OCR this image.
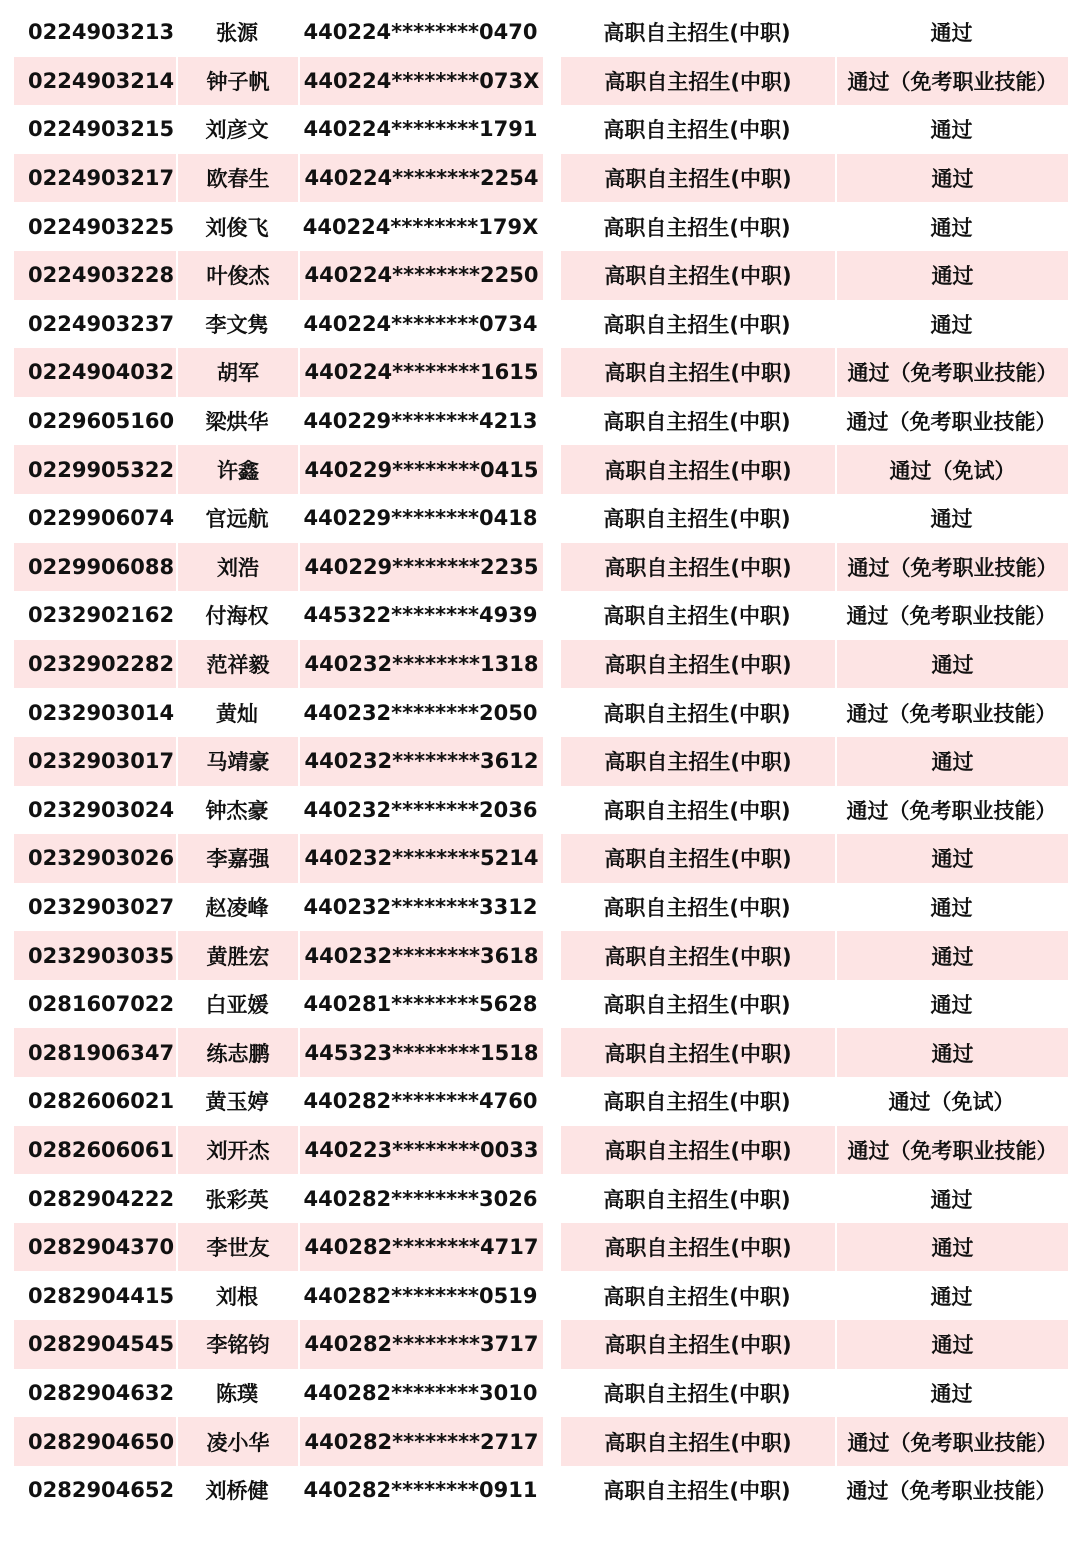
0224903213	张源	440224********0470		高职自主招生(中职)	通过
0224903214	钟子帆	440224********073X		高职自主招生(中职)	通过（免考职业技能）
0224903215	刘彦文	440224********1791		高职自主招生(中职)	通过
0224903217	欧春生	440224********2254		高职自主招生(中职)	通过
0224903225	刘俊飞	440224********179X		高职自主招生(中职)	通过
0224903228	叶俊杰	440224********2250		高职自主招生(中职)	通过
0224903237	李文隽	440224********0734		高职自主招生(中职)	通过
0224904032	胡军	440224********1615		高职自主招生(中职)	通过（免考职业技能）
0229605160	梁烘华	440229********4213		高职自主招生(中职)	通过（免考职业技能）
0229905322	许鑫	440229********0415		高职自主招生(中职)	通过（免试）
0229906074	官远航	440229********0418		高职自主招生(中职)	通过
0229906088	刘浩	440229********2235		高职自主招生(中职)	通过（免考职业技能）
0232902162	付海权	445322********4939		高职自主招生(中职)	通过（免考职业技能）
0232902282	范祥毅	440232********1318		高职自主招生(中职)	通过
0232903014	黄灿	440232********2050		高职自主招生(中职)	通过（免考职业技能）
0232903017	马靖豪	440232********3612		高职自主招生(中职)	通过
0232903024	钟杰豪	440232********2036		高职自主招生(中职)	通过（免考职业技能）
0232903026	李嘉强	440232********5214		高职自主招生(中职)	通过
0232903027	赵凌峰	440232********3312		高职自主招生(中职)	通过
0232903035	黄胜宏	440232********3618		高职自主招生(中职)	通过
0281607022	白亚媛	440281********5628		高职自主招生(中职)	通过
0281906347	练志鹏	445323********1518		高职自主招生(中职)	通过
0282606021	黄玉婷	440282********4760		高职自主招生(中职)	通过（免试）
0282606061	刘开杰	440223********0033		高职自主招生(中职)	通过（免考职业技能）
0282904222	张彩英	440282********3026		高职自主招生(中职)	通过
0282904370	李世友	440282********4717		高职自主招生(中职)	通过
0282904415	刘根	440282********0519		高职自主招生(中职)	通过
0282904545	李铭钧	440282********3717		高职自主招生(中职)	通过
0282904632	陈璞	440282********3010		高职自主招生(中职)	通过
0282904650	凌小华	440282********2717		高职自主招生(中职)	通过（免考职业技能）
0282904652	刘桥健	440282********0911		高职自主招生(中职)	通过（免考职业技能）
